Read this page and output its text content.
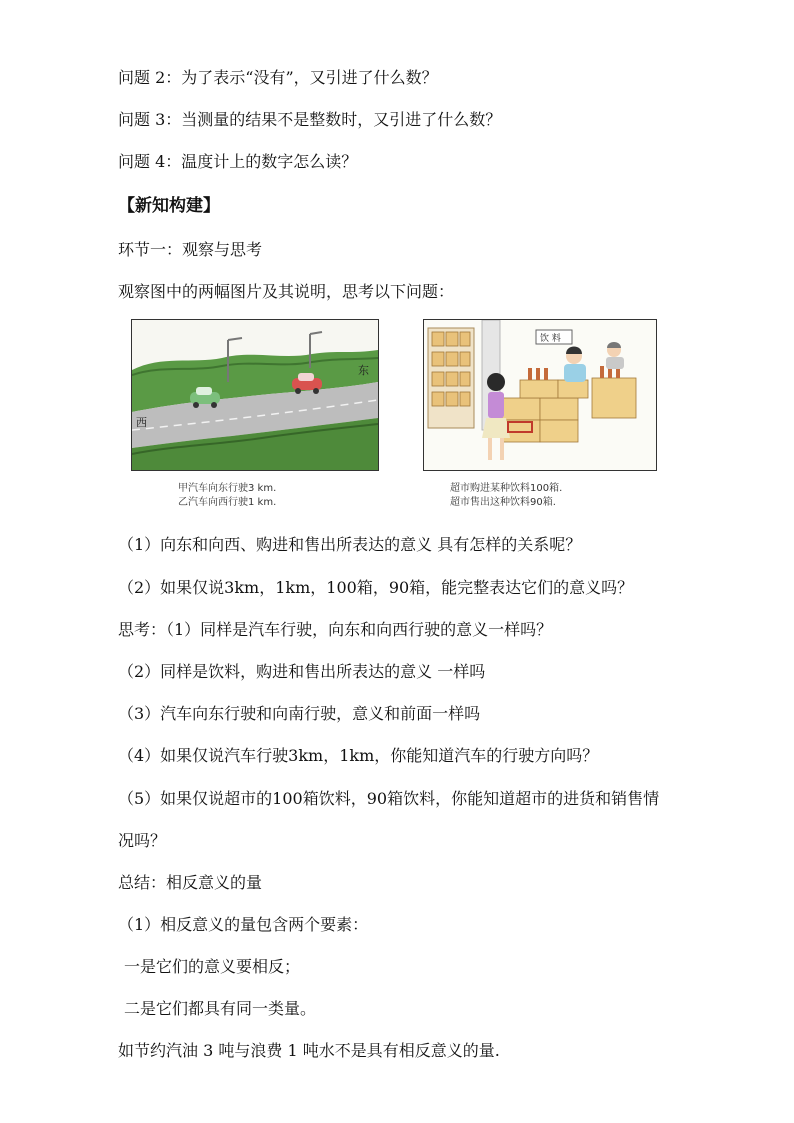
问题 2：为了表示“没有”，又引进了什么数？
问题 3：当测量的结果不是整数时，又引进了什么数？
问题 4：温度计上的数字怎么读？
【新知构建】
环节一：观察与思考
观察图中的两幅图片及其说明，思考以下问题：
东
西
甲汽车向东行驶3 km.
乙汽车向西行驶1 km.
饮 料
超市购进某种饮料100箱.
超市售出这种饮料90箱.
（1）向东和向西、购进和售出所表达的意义 具有怎样的关系呢？
（2）如果仅说3km，1km，100箱，90箱，能完整表达它们的意义吗？
思考：（1）同样是汽车行驶，向东和向西行驶的意义一样吗？
（2）同样是饮料，购进和售出所表达的意义 一样吗
（3）汽车向东行驶和向南行驶，意义和前面一样吗
（4）如果仅说汽车行驶3km，1km，你能知道汽车的行驶方向吗？
（5）如果仅说超市的100箱饮料，90箱饮料，你能知道超市的进货和销售情
况吗？
总结：相反意义的量
（1）相反意义的量包含两个要素：
一是它们的意义要相反；
二是它们都具有同一类量。
如节约汽油 3 吨与浪费 1 吨水不是具有相反意义的量.
